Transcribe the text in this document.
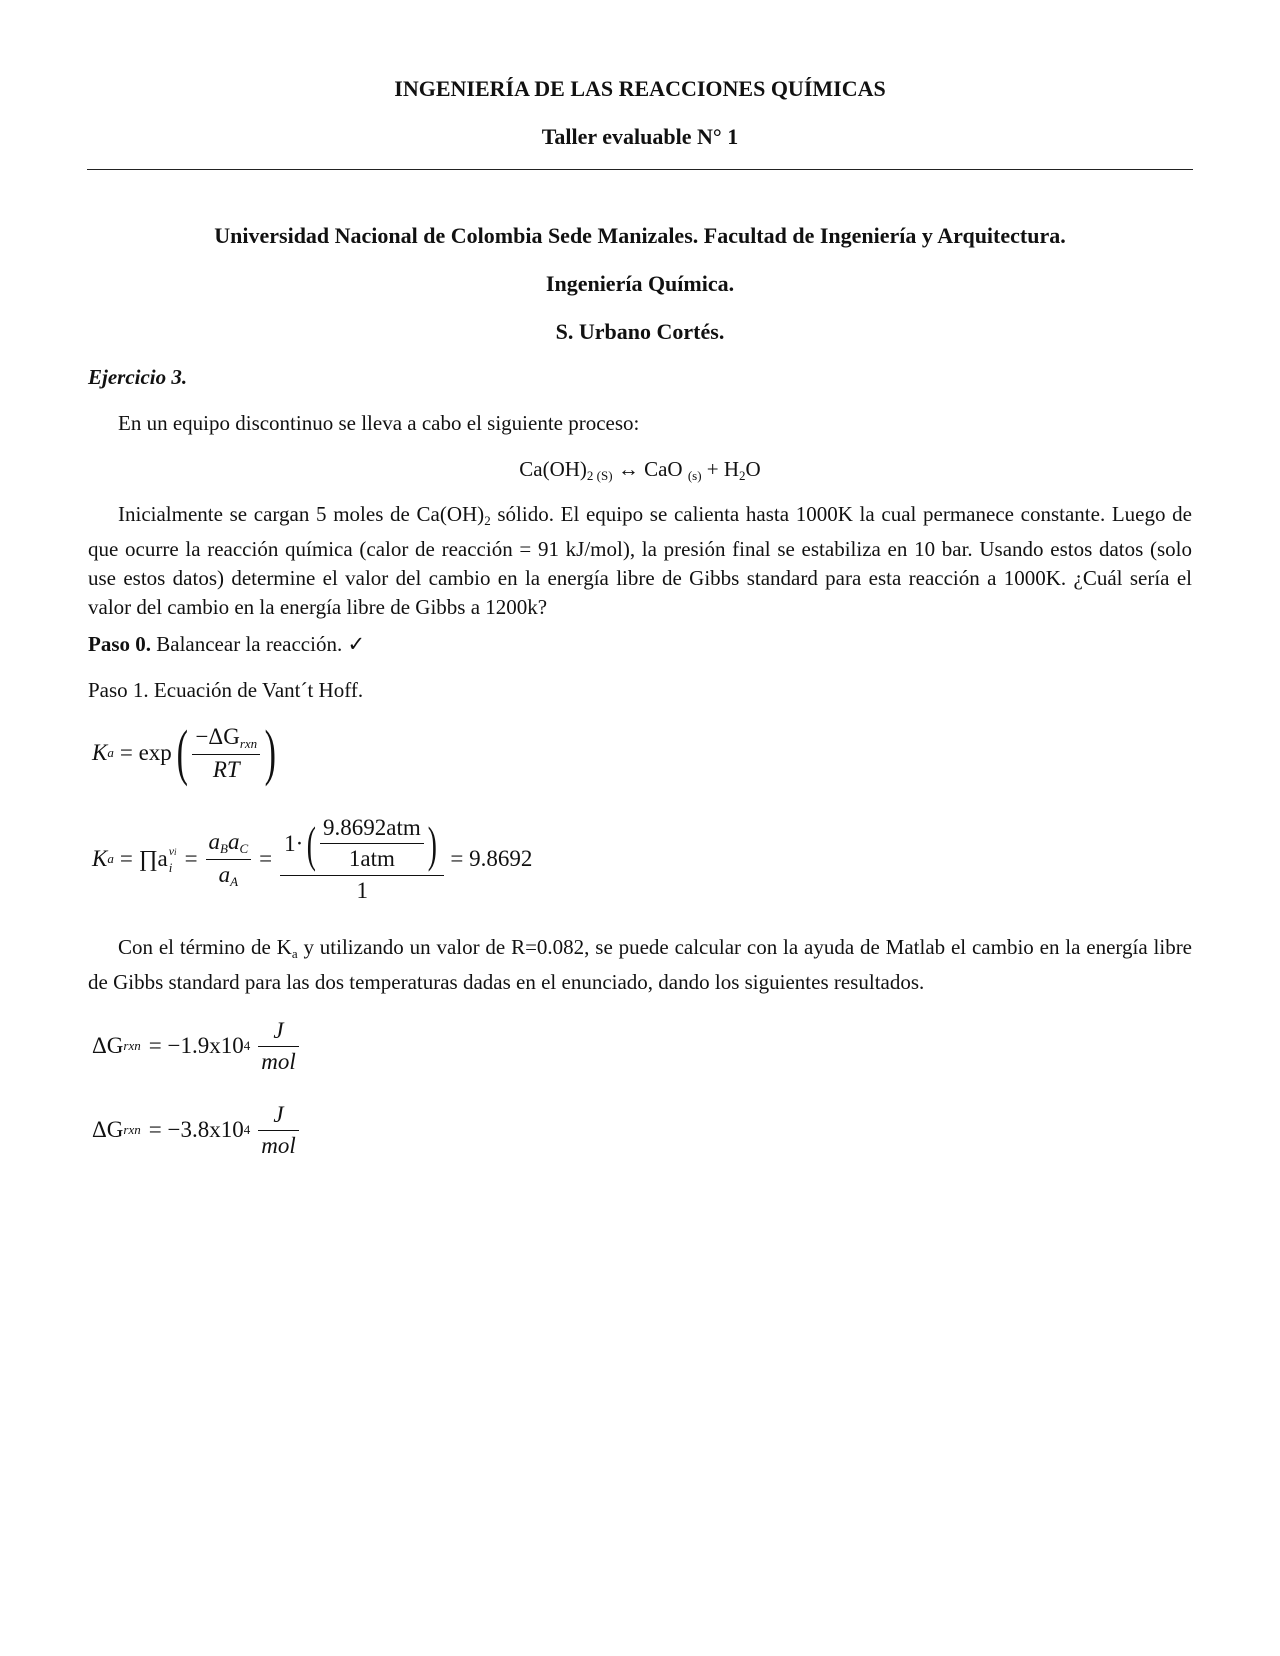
INGENIERÍA DE LAS REACCIONES QUÍMICAS
Taller evaluable N° 1
Universidad Nacional de Colombia Sede Manizales. Facultad de Ingeniería y Arquitectura.
Ingeniería Química.
S. Urbano Cortés.
Ejercicio 3.
En un equipo discontinuo se lleva a cabo el siguiente proceso:
$Ca(OH)_{2 (S)}$ ↔ CaO $_{(s)} + H_2O$
Inicialmente se cargan 5 moles de $Ca(OH)_2$ sólido. El equipo se calienta hasta 1000K la cual permanece constante. Luego de que ocurre la reacción química (calor de reacción = 91 kJ/mol), la presión final se estabiliza en 10 bar. Usando estos datos (solo use estos datos) determine el valor del cambio en la energía libre de Gibbs standard para esta reacción a 1000K. ¿Cuál sería el valor del cambio en la energía libre de Gibbs a 1200k?
Paso 0. Balancear la reacción. ✓
Paso 1. Ecuación de Vant´t Hoff.
K a = exp ( $\frac{-\Delta G_{rxn}}{RT}$ )
K a = ∏a vi
$i = \frac{a_Ba_C}{a_A}$ =
1· ( $\frac{\text{9.8692atm}}{\text{1atm}}$ )
1
= 9.8692
Con el término de $K_a$ y utilizando un valor de R=0.082, se puede calcular con la ayuda de Matlab el cambio en la energía libre de Gibbs standard para las dos temperaturas dadas en el enunciado, dando los siguientes resultados.
ΔG rxn = −1.9x10 $4 \frac{J}{\text{mol}}$
ΔG rxn = −3.8x10 $4 \frac{J}{\text{mol}}$
